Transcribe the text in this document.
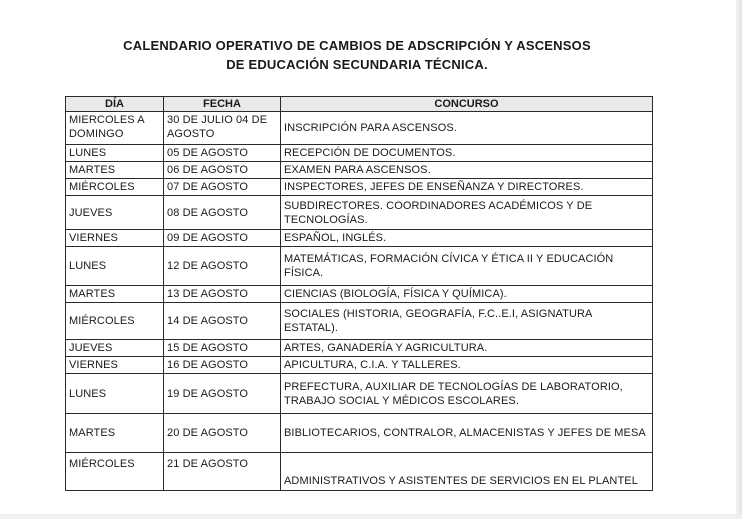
CALENDARIO OPERATIVO DE CAMBIOS DE ADSCRIPCIÓN Y ASCENSOS
DE EDUCACIÓN SECUNDARIA TÉCNICA.
DÍA	FECHA	CONCURSO
MIERCOLES A DOMINGO	30 DE JULIO 04 DE AGOSTO	INSCRIPCIÓN PARA ASCENSOS.
LUNES	05 DE AGOSTO	RECEPCIÓN DE DOCUMENTOS.
MARTES	06 DE AGOSTO	EXAMEN PARA ASCENSOS.
MIÉRCOLES	07 DE AGOSTO	INSPECTORES, JEFES DE ENSEÑANZA Y DIRECTORES.
JUEVES	08 DE AGOSTO	SUBDIRECTORES. COORDINADORES ACADÉMICOS Y DE TECNOLOGÍAS.
VIERNES	09 DE AGOSTO	ESPAÑOL, INGLÉS.
LUNES	12 DE AGOSTO	MATEMÁTICAS, FORMACIÓN CÍVICA Y ÉTICA II Y EDUCACIÓN FÍSICA.
MARTES	13 DE AGOSTO	CIENCIAS (BIOLOGÍA, FÍSICA Y QUÍMICA).
MIÉRCOLES	14 DE AGOSTO	SOCIALES (HISTORIA, GEOGRAFÍA, F.C..E.I, ASIGNATURA ESTATAL).
JUEVES	15 DE AGOSTO	ARTES, GANADERÍA Y AGRICULTURA.
VIERNES	16 DE AGOSTO	APICULTURA, C.I.A. Y TALLERES.
LUNES	19 DE AGOSTO	PREFECTURA, AUXILIAR DE TECNOLOGÍAS DE LABORATORIO, TRABAJO SOCIAL Y MÉDICOS ESCOLARES.
MARTES	20 DE AGOSTO	BIBLIOTECARIOS, CONTRALOR, ALMACENISTAS Y JEFES DE MESA
MIÉRCOLES	21 DE AGOSTO	ADMINISTRATIVOS Y ASISTENTES DE SERVICIOS EN EL PLANTEL
